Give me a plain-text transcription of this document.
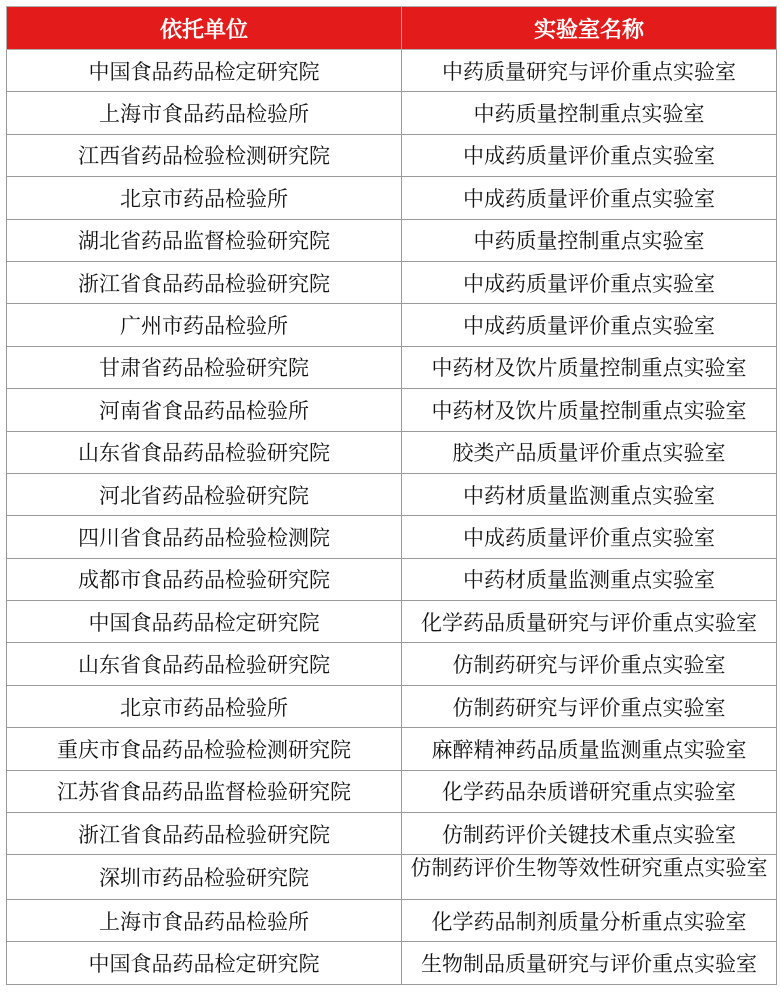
依托单位	实验室名称
中国食品药品检定研究院	中药质量研究与评价重点实验室
上海市食品药品检验所	中药质量控制重点实验室
江西省药品检验检测研究院	中成药质量评价重点实验室
北京市药品检验所	中成药质量评价重点实验室
湖北省药品监督检验研究院	中药质量控制重点实验室
浙江省食品药品检验研究院	中成药质量评价重点实验室
广州市药品检验所	中成药质量评价重点实验室
甘肃省药品检验研究院	中药材及饮片质量控制重点实验室
河南省食品药品检验所	中药材及饮片质量控制重点实验室
山东省食品药品检验研究院	胶类产品质量评价重点实验室
河北省药品检验研究院	中药材质量监测重点实验室
四川省食品药品检验检测院	中成药质量评价重点实验室
成都市食品药品检验研究院	中药材质量监测重点实验室
中国食品药品检定研究院	化学药品质量研究与评价重点实验室
山东省食品药品检验研究院	仿制药研究与评价重点实验室
北京市药品检验所	仿制药研究与评价重点实验室
重庆市食品药品检验检测研究院	麻醉精神药品质量监测重点实验室
江苏省食品药品监督检验研究院	化学药品杂质谱研究重点实验室
浙江省食品药品检验研究院	仿制药评价关键技术重点实验室
深圳市药品检验研究院	仿制药评价生物等效性研究重点实验室
上海市食品药品检验所	化学药品制剂质量分析重点实验室
中国食品药品检定研究院	生物制品质量研究与评价重点实验室
